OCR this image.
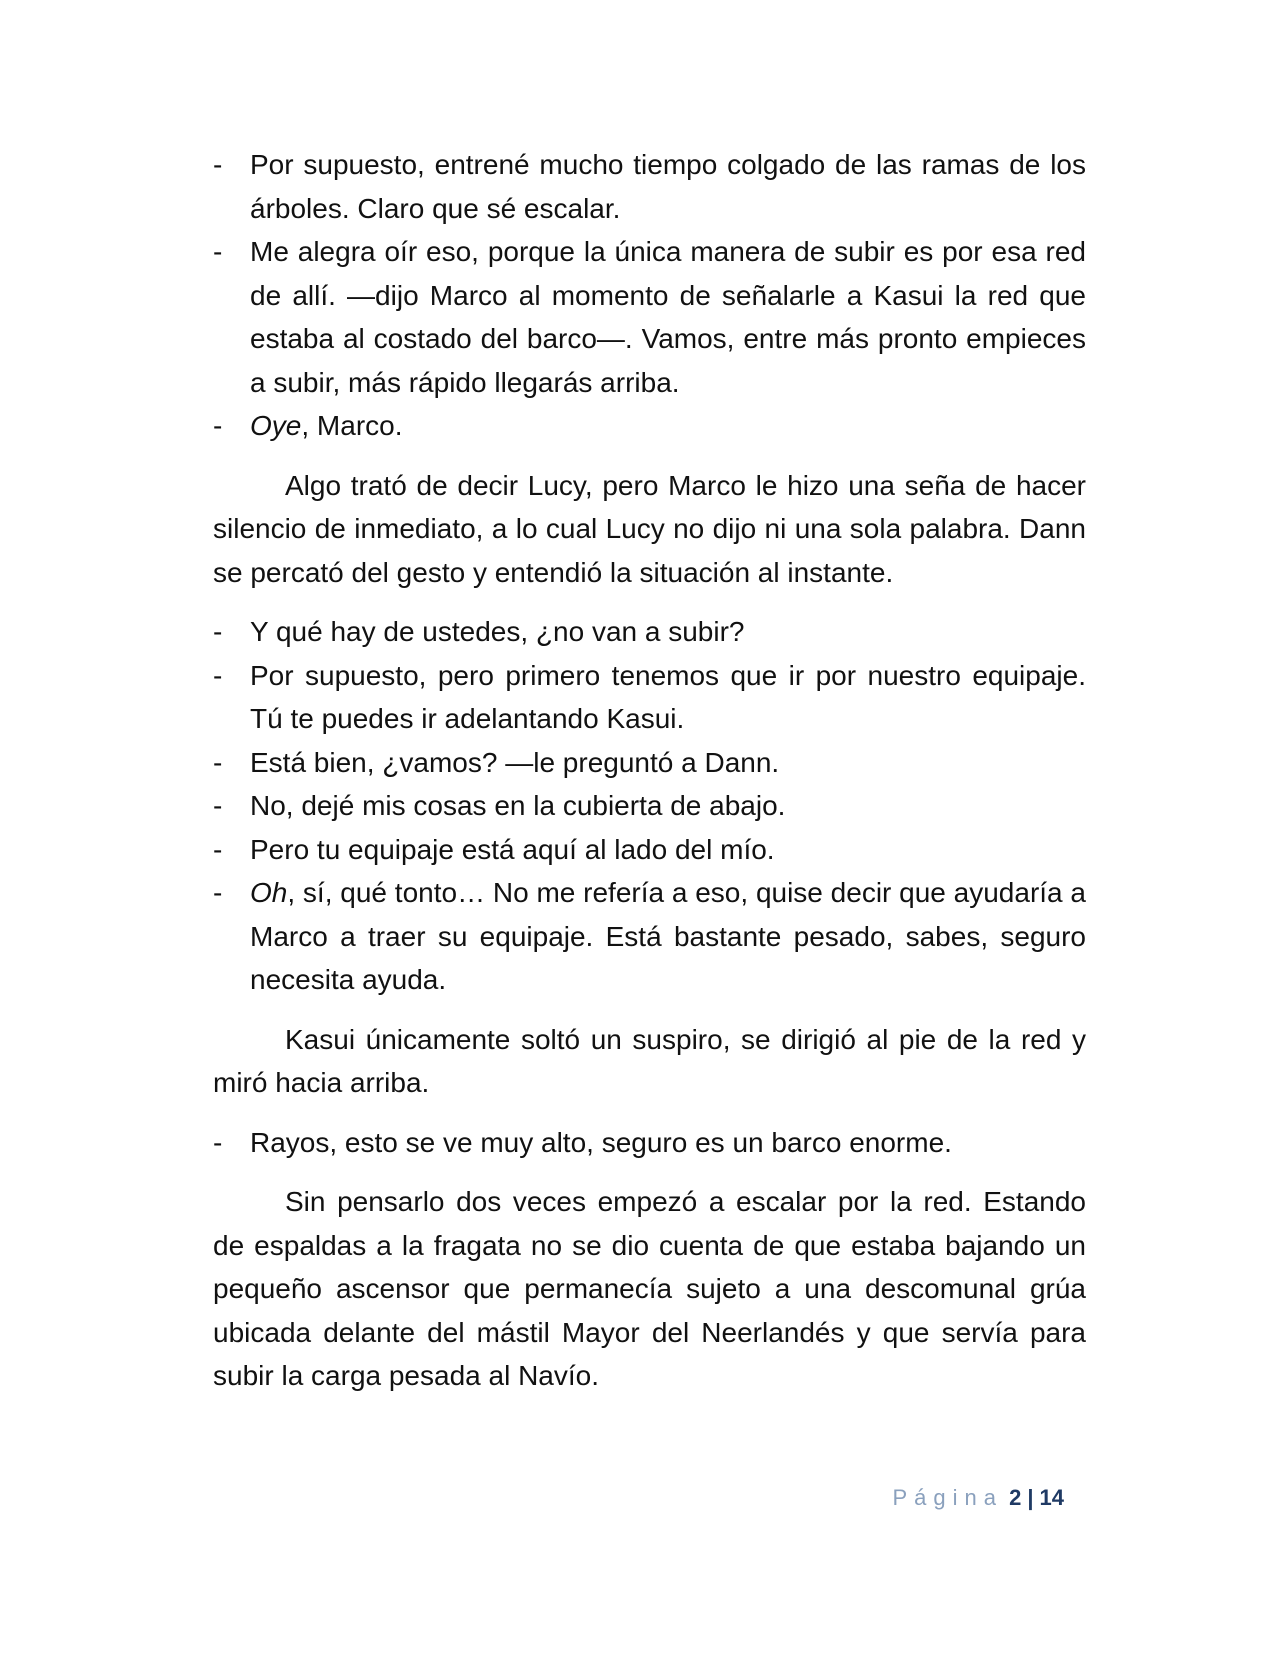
- Por supuesto, entrené mucho tiempo colgado de las ramas de los árboles. Claro que sé escalar.
- Me alegra oír eso, porque la única manera de subir es por esa red de allí. —dijo Marco al momento de señalarle a Kasui la red que estaba al costado del barco—. Vamos, entre más pronto empieces a subir, más rápido llegarás arriba.
- Oye, Marco.

Algo trató de decir Lucy, pero Marco le hizo una seña de hacer silencio de inmediato, a lo cual Lucy no dijo ni una sola palabra. Dann se percató del gesto y entendió la situación al instante.

- Y qué hay de ustedes, ¿no van a subir?
- Por supuesto, pero primero tenemos que ir por nuestro equipaje. Tú te puedes ir adelantando Kasui.
- Está bien, ¿vamos? —le preguntó a Dann.
- No, dejé mis cosas en la cubierta de abajo.
- Pero tu equipaje está aquí al lado del mío.
- Oh, sí, qué tonto… No me refería a eso, quise decir que ayudaría a Marco a traer su equipaje. Está bastante pesado, sabes, seguro necesita ayuda.

Kasui únicamente soltó un suspiro, se dirigió al pie de la red y miró hacia arriba.

- Rayos, esto se ve muy alto, seguro es un barco enorme.

Sin pensarlo dos veces empezó a escalar por la red. Estando de espaldas a la fragata no se dio cuenta de que estaba bajando un pequeño ascensor que permanecía sujeto a una descomunal grúa ubicada delante del mástil Mayor del Neerlandés y que servía para subir la carga pesada al Navío.

Página 2 | 14
